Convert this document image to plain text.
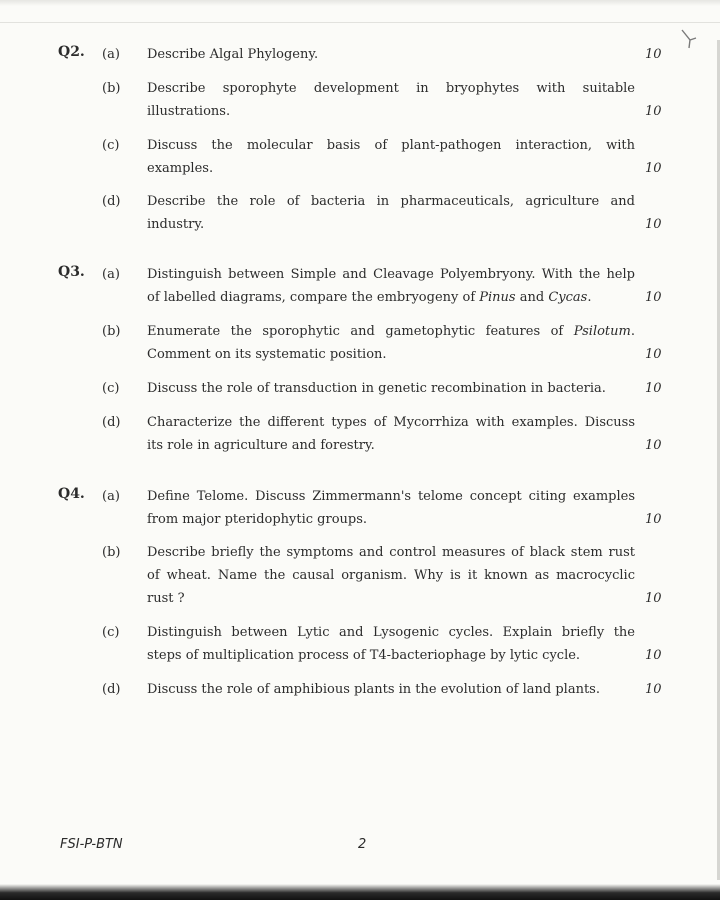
Q2. (a) Describe Algal Phylogeny.	10
(b) Describe sporophyte development in bryophytes with suitable
illustrations.	10
(c) Discuss the molecular basis of plant-pathogen interaction, with
examples.	10
(d) Describe the role of bacteria in pharmaceuticals, agriculture and
industry.	10
Q3. (a) Distinguish between Simple and Cleavage Polyembryony. With the help
of labelled diagrams, compare the embryogeny of Pinus and Cycas.	10
(b) Enumerate the sporophytic and gametophytic features of Psilotum.
Comment on its systematic position.	10
(c) Discuss the role of transduction in genetic recombination in bacteria.	10
(d) Characterize the different types of Mycorrhiza with examples. Discuss
its role in agriculture and forestry.	10
Q4. (a) Define Telome. Discuss Zimmermann's telome concept citing examples
from major pteridophytic groups.	10
(b) Describe briefly the symptoms and control measures of black stem rust
of wheat. Name the causal organism. Why is it known as macrocyclic
rust ?	10
(c) Distinguish between Lytic and Lysogenic cycles. Explain briefly the
steps of multiplication process of T4-bacteriophage by lytic cycle.	10
(d) Discuss the role of amphibious plants in the evolution of land plants.	10
FSI-P-BTN	2
